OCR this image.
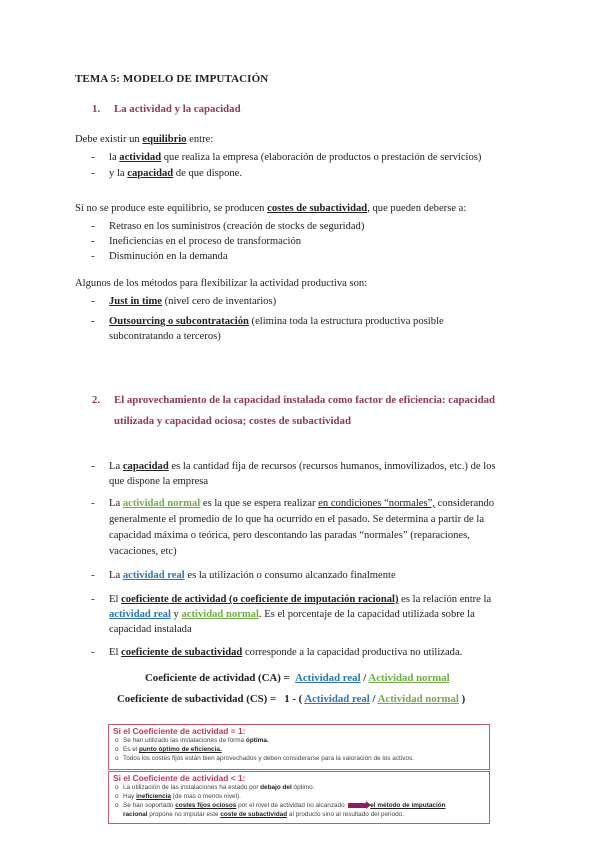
TEMA 5: MODELO DE IMPUTACIÓN
1. La actividad y la capacidad
Debe existir un equilibrio entre:
- la actividad que realiza la empresa (elaboración de productos o prestación de servicios)
- y la capacidad de que dispone.
Si no se produce este equilibrio, se producen costes de subactividad, que pueden deberse a:
- Retraso en los suministros (creación de stocks de seguridad)
- Ineficiencias en el proceso de transformación
- Disminución en la demanda
Algunos de los métodos para flexibilizar la actividad productiva son:
- Just in time (nivel cero de inventarios)
- Outsourcing o subcontratación (elimina toda la estructura productiva posible
subcontratando a terceros)
2. El aprovechamiento de la capacidad instalada como factor de eficiencia: capacidad
utilizada y capacidad ociosa; costes de subactividad
- La capacidad es la cantidad fija de recursos (recursos humanos, inmovilizados, etc.) de los
que dispone la empresa
- La actividad normal es la que se espera realizar en condiciones “normales”, considerando
generalmente el promedio de lo que ha ocurrido en el pasado. Se determina a partir de la
capacidad máxima o teórica, pero descontando las paradas “normales” (reparaciones,
vacaciones, etc)
- La actividad real es la utilización o consumo alcanzado finalmente
- El coeficiente de actividad (o coeficiente de imputación racional) es la relación entre la
actividad real y actividad normal. Es el porcentaje de la capacidad utilizada sobre la
capacidad instalada
- El coeficiente de subactividad corresponde a la capacidad productiva no utilizada.
Coeficiente de actividad (CA) =  Actividad real / Actividad normal
Coeficiente de subactividad (CS) =   1 - ( Actividad real / Actividad normal )
Si el Coeficiente de actividad = 1:
o Se han utilizado las instalaciones de forma óptima.
o Es el punto óptimo de eficiencia.
o Todos los costes fijos están bien aprovechados y deben considerarse para la valoración de los activos.
Si el Coeficiente de actividad < 1:
o La utilización de las instalaciones ha estado por debajo del óptimo.
o Hay ineficiencia (de mas o menos nivel).
o Se han soportado costes fijos ociosos por el nivel de actividad no alcanzado	el método de imputación
racional propone no imputar este coste de subactividad al producto sino al resultado del periodo.
